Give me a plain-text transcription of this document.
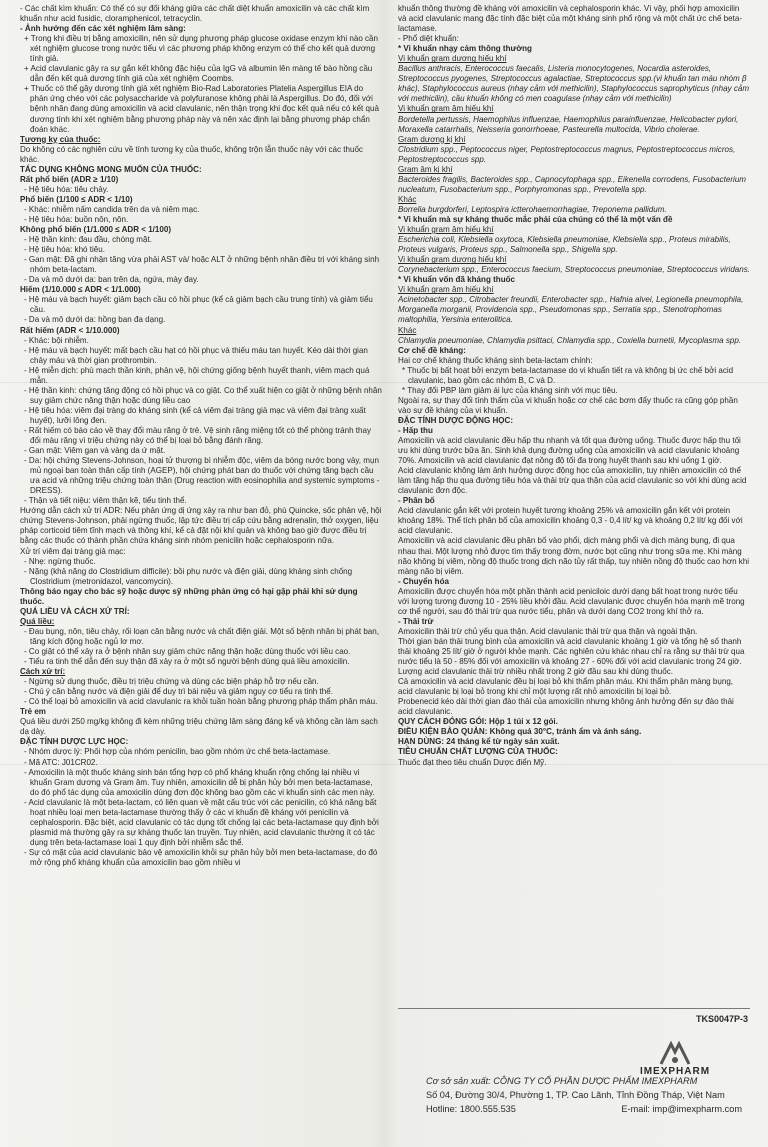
- Các chất kìm khuẩn: Có thể có sự đối kháng giữa các chất diệt khuẩn amoxicilin và các chất kìm khuẩn như acid fusidic, cloramphenicol, tetracyclin.

- Ảnh hưởng đến các xét nghiệm lâm sàng:

+ Trong khi điều trị bằng amoxicilin, nên sử dụng phương pháp glucose oxidase enzym khi nào cần xét nghiệm glucose trong nước tiểu vì các phương pháp không enzym có thể cho kết quả dương tính giả.

+ Acid clavulanic gây ra sự gắn kết không đặc hiệu của IgG và albumin lên màng tế bào hồng cầu dẫn đến kết quả dương tính giả của xét nghiệm Coombs.

+ Thuốc có thể gây dương tính giả xét nghiệm Bio-Rad Laboratories Platelia Aspergillus EIA do phản ứng chéo với các polysaccharide và polyfuranose không phải là Aspergillus. Do đó, đối với bệnh nhân đang dùng amoxicilin và acid clavulanic, nên thận trọng khi đọc kết quả nếu có kết quả dương tính khi xét nghiệm bằng phương pháp này và nên xác định lại bằng phương pháp chẩn đoán khác.

Tương kỵ của thuốc:

Do không có các nghiên cứu về tính tương kỵ của thuốc, không trộn lẫn thuốc này với các thuốc khác.

TÁC DỤNG KHÔNG MONG MUỐN CỦA THUỐC:

Rất phổ biến (ADR ≥ 1/10)

- Hệ tiêu hóa: tiêu chảy.

Phổ biến (1/100 ≤ ADR < 1/10)

- Khác: nhiễm nấm candida trên da và niêm mạc.

- Hệ tiêu hóa: buồn nôn, nôn.

Không phổ biến (1/1.000 ≤ ADR < 1/100)

- Hệ thần kinh: đau đầu, chóng mặt.

- Hệ tiêu hóa: khó tiêu.

- Gan mật: Đã ghi nhận tăng vừa phải AST và/ hoặc ALT ở những bệnh nhân điều trị với kháng sinh nhóm beta-lactam.

- Da và mô dưới da: ban trên da, ngứa, mày đay.

Hiếm (1/10.000 ≤ ADR < 1/1.000)

- Hệ máu và bạch huyết: giảm bạch cầu có hồi phục (kể cả giảm bạch cầu trung tính) và giảm tiểu cầu.

- Da và mô dưới da: hồng ban đa dạng.

Rất hiếm (ADR < 1/10.000)

- Khác: bội nhiễm.

- Hệ máu và bạch huyết: mất bạch cầu hạt có hồi phục và thiếu máu tan huyết. Kéo dài thời gian chảy máu và thời gian prothrombin.

- Hệ miễn dịch: phù mạch thần kinh, phản vệ, hội chứng giống bệnh huyết thanh, viêm mạch quá mẫn.

- Hệ thần kinh: chứng tăng động có hồi phục và co giật. Co thể xuất hiện co giật ở những bệnh nhân suy giảm chức năng thận hoặc dùng liều cao

- Hệ tiêu hóa: viêm đại tràng do kháng sinh (kể cả viêm đại tràng giả mạc và viêm đại tràng xuất huyết), lưỡi lông đen.

- Rất hiếm có báo cáo về thay đổi màu răng ở trẻ. Vệ sinh răng miệng tốt có thể phòng tránh thay đổi màu răng vì triệu chứng này có thể bị loại bỏ bằng đánh răng.

- Gan mật: Viêm gan và vàng da ứ mật.

- Da: hội chứng Stevens-Johnson, hoại tử thượng bì nhiễm độc, viêm da bóng nước bong vảy, mụn mủ ngoại ban toàn thân cấp tính (AGEP), hội chứng phát ban do thuốc với chứng tăng bạch cầu ưa acid và những triệu chứng toàn thân (Drug reaction with eosinophilia and systemic symptoms - DRESS).

- Thận và tiết niệu: viêm thận kẽ, tiểu tinh thể.

Hướng dẫn cách xử trí ADR: Nếu phản ứng dị ứng xảy ra như ban đỏ, phù Quincke, sốc phản vệ, hội chứng Stevens-Johnson, phải ngừng thuốc, lập tức điều trị cấp cứu bằng adrenalin, thở oxygen, liệu pháp corticoid tiêm tĩnh mạch và thông khí, kể cả đặt nội khí quản và không bao giờ được điều trị bằng các thuốc có thành phần chứa kháng sinh nhóm penicilin hoặc cephalosporin nữa.

Xử trí viêm đại tràng giả mạc:

- Nhẹ: ngừng thuốc.

- Nặng (khả năng do Clostridium difficile): bồi phụ nước và điện giải, dùng kháng sinh chống Clostridium (metronidazol, vancomycin).

Thông báo ngay cho bác sỹ hoặc dược sỹ những phản ứng có hại gặp phải khi sử dụng thuốc.

QUÁ LIỀU VÀ CÁCH XỬ TRÍ:

Quá liều:

- Đau bụng, nôn, tiêu chảy, rối loạn cân bằng nước và chất điện giải. Một số bệnh nhân bị phát ban, tăng kích động hoặc ngủ lơ mơ.

- Co giật có thể xảy ra ở bệnh nhân suy giảm chức năng thận hoặc dùng thuốc với liều cao.

- Tiểu ra tinh thể dẫn đến suy thận đã xảy ra ở một số người bệnh dùng quá liều amoxicilin.

Cách xử trí:

- Ngừng sử dụng thuốc, điều trị triệu chứng và dùng các biện pháp hỗ trợ nếu cần.

- Chú ý cân bằng nước và điện giải để duy trì bài niệu và giảm nguy cơ tiểu ra tinh thể.

- Có thể loại bỏ amoxicilin và acid clavulanic ra khỏi tuần hoàn bằng phương pháp thẩm phân máu.

Trẻ em

Quá liều dưới 250 mg/kg không đi kèm những triệu chứng lâm sàng đáng kể và không cần làm sạch dạ dày.

ĐẶC TÍNH DƯỢC LỰC HỌC:

- Nhóm dược lý: Phối hợp của nhóm penicilin, bao gồm nhóm ức chế beta-lactamase.

- Mã ATC: J01CR02.

- Amoxicilin là một thuốc kháng sinh bán tổng hợp có phổ kháng khuẩn rộng chống lại nhiều vi khuẩn Gram dương và Gram âm. Tuy nhiên, amoxicilin dễ bị phân hủy bởi men beta-lactamase, do đó phổ tác dụng của amoxicilin dùng đơn độc không bao gồm các vi khuẩn sinh các men này.

- Acid clavulanic là một beta-lactam, có liên quan về mặt cấu trúc với các penicilin, có khả năng bất hoạt nhiều loại men beta-lactamase thường thấy ở các vi khuẩn đề kháng với penicilin và cephalosporin. Đặc biệt, acid clavulanic có tác dụng tốt chống lại các beta-lactamase quy định bởi plasmid mà thường gây ra sự kháng thuốc lan truyền. Tuy nhiên, acid clavulanic thường ít có tác dụng trên beta-lactamase loại 1 quy định bởi nhiễm sắc thể.

- Sự có mặt của acid clavulanic bảo vệ amoxicilin khỏi sự phân hủy bởi men beta-lactamase, do đó mở rộng phổ kháng khuẩn của amoxicilin bao gồm nhiều vi

khuẩn thông thường đề kháng với amoxicilin và cephalosporin khác. Vì vậy, phối hợp amoxicilin và acid clavulanic mang đặc tính đặc biệt của một kháng sinh phổ rộng và một chất ức chế beta-lactamase.

- Phổ diệt khuẩn:

* Vi khuẩn nhạy cảm thông thường

Vi khuẩn gram dương hiếu khí

Bacillus anthracis, Enterococcus faecalis, Listeria monocytogenes, Nocardia asteroides, Streptococcus pyogenes, Streptococcus agalactiae, Streptococcus spp.(vi khuẩn tan máu nhóm β khác), Staphylococcus aureus (nhạy cảm với methicilin), Staphylococcus saprophyticus (nhạy cảm với methicilin), cầu khuẩn không có men coagulase (nhạy cảm với methicilin)

Vi khuẩn gram âm hiếu khí

Bordetella pertussis, Haemophilus influenzae, Haemophilus parainfluenzae, Helicobacter pylori, Moraxella catarrhalis, Neisseria gonorrhoeae, Pasteurella multocida, Vibrio cholerae.

Gram dương kị khí

Clostridium spp., Peptococcus niger, Peptostreptococcus magnus, Peptostreptococcus micros, Peptostreptococcus spp.

Gram âm kị khí

Bacteroides fragilis, Bacteroides spp., Capnocytophaga spp., Eikenella corrodens, Fusobacterium nucleatum, Fusobacterium spp., Porphyromonas spp., Prevotella spp.

Khác

Borrelia burgdorferi, Leptospira ictterohaemorrhagiae, Treponema pallidum.

* Vi khuẩn mà sự kháng thuốc mắc phải của chúng có thể là một vấn đề

Vi khuẩn gram âm hiếu khí

Escherichia coli, Klebsiella oxytoca, Klebsiella pneumoniae, Klebsiella spp., Proteus mirabilis, Proteus vulgaris, Proteus spp., Salmonella spp., Shigella spp.

Vi khuẩn gram dương hiếu khí

Corynebacterium spp., Enterococcus faecium, Streptococcus pneumoniae, Streptococcus viridans.

* Vi khuẩn vốn đã kháng thuốc

Vi khuẩn gram âm hiếu khí

Acinetobacter spp., Citrobacter freundii, Enterobacter spp., Hafnia alvei, Legionella pneumophila, Morganella morganii, Providencia spp., Pseudomonas spp., Serratia spp., Stenotrophomas maltophilia, Yersinia enterolitica.

Khác

Chlamydia pneumoniae, Chlamydia psittaci, Chlamydia spp., Coxiella burnetii, Mycoplasma spp.

Cơ chế đề kháng:

Hai cơ chế kháng thuốc kháng sinh beta-lactam chính:

* Thuốc bị bất hoạt bởi enzym beta-lactamase do vi khuẩn tiết ra và không bị ức chế bởi acid clavulanic, bao gồm các nhóm B, C và D.

* Thay đổi PBP làm giảm ái lực của kháng sinh với mục tiêu.

Ngoài ra, sự thay đổi tính thấm của vi khuẩn hoặc cơ chế các bơm đẩy thuốc ra cũng góp phần vào sự đề kháng của vi khuẩn.

ĐẶC TÍNH DƯỢC ĐỘNG HỌC:

- Hấp thu

Amoxicilin và acid clavulanic đều hấp thu nhanh và tốt qua đường uống. Thuốc được hấp thu tối ưu khi dùng trước bữa ăn. Sinh khả dụng đường uống của amoxicilin và acid clavulanic khoảng 70%. Amoxicilin và acid clavulanic đạt nồng độ tối đa trong huyết thanh sau khi uống 1 giờ.

Acid clavulanic không làm ảnh hưởng dược động học của amoxicilin, tuy nhiên amoxicilin có thể làm tăng hấp thu qua đường tiêu hóa và thải trừ qua thận của acid clavulanic so với khi dùng acid clavulanic đơn độc.

- Phân bố

Acid clavulanic gắn kết với protein huyết tương khoảng 25% và amoxicilin gắn kết với protein khoảng 18%. Thể tích phân bố của amoxicilin khoảng 0,3 - 0,4 lít/ kg và khoảng 0,2 lít/ kg đối với acid clavulanic.

Amoxicilin và acid clavulanic đều phân bố vào phổi, dịch màng phổi và dịch màng bụng, đi qua nhau thai. Một lượng nhỏ được tìm thấy trong đờm, nước bọt cũng như trong sữa mẹ. Khi màng não không bị viêm, nồng độ thuốc trong dịch não tủy rất thấp, tuy nhiên nồng độ thuốc cao hơn khi màng não bị viêm.

- Chuyển hóa

Amoxicilin được chuyển hóa một phần thành acid peniciloic dưới dạng bất hoạt trong nước tiểu với lượng tương đương 10 - 25% liều khởi đầu. Acid clavulanic được chuyển hóa mạnh mẽ trong cơ thể người, sau đó thải trừ qua nước tiểu, phân và dưới dạng CO2 trong khí thở ra.

- Thải trừ

Amoxicilin thải trừ chủ yếu qua thận. Acid clavulanic thải trừ qua thận và ngoài thận.

Thời gian bán thải trung bình của amoxicilin và acid clavulanic khoảng 1 giờ và tổng hệ số thanh thải khoảng 25 lít/ giờ ở người khỏe mạnh. Các nghiên cứu khác nhau chỉ ra rằng sự thải trừ qua nước tiểu là 50 - 85% đối với amoxicilin và khoảng 27 - 60% đối với acid clavulanic trong 24 giờ. Lượng acid clavulanic thải trừ nhiều nhất trong 2 giờ đầu sau khi dùng thuốc.

Cả amoxicilin và acid clavulanic đều bị loại bỏ khi thẩm phân máu. Khi thẩm phân màng bụng, acid clavulanic bị loại bỏ trong khi chỉ một lượng rất nhỏ amoxicilin bị loại bỏ.

Probenecid kéo dài thời gian đào thải của amoxicilin nhưng không ảnh hưởng đến sự đào thải acid clavulanic.

QUY CÁCH ĐÓNG GÓI: Hộp 1 túi x 12 gói.

ĐIỀU KIỆN BẢO QUẢN: Không quá 30°C, tránh ẩm và ánh sáng.

HẠN DÙNG: 24 tháng kể từ ngày sản xuất.

TIÊU CHUẨN CHẤT LƯỢNG CỦA THUỐC:

Thuốc đạt theo tiêu chuẩn Dược điển Mỹ.

TKS0047P-3
IMEXPHARM
Cơ sở sản xuất: CÔNG TY CỔ PHẦN DƯỢC PHẨM IMEXPHARM
Số 04, Đường 30/4, Phường 1, TP. Cao Lãnh, Tỉnh Đồng Tháp, Việt Nam
Hotline: 1800.555.535	E-mail: imp@imexpharm.com
